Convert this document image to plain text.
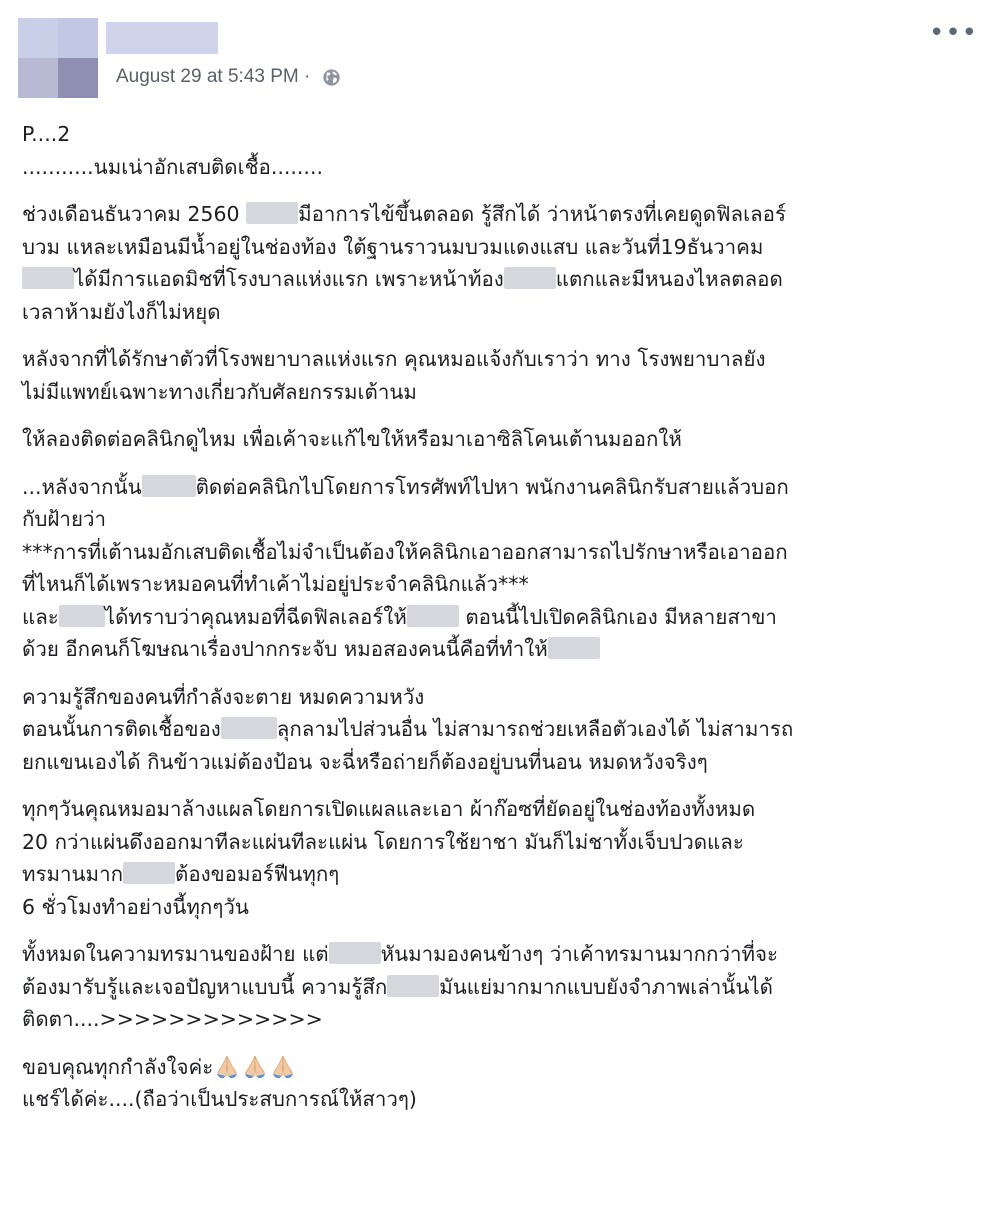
August 29 at 5:43 PM ·
•••
P....2
...........นมเน่าอักเสบติดเชื้อ........
ช่วงเดือนธันวาคม 2560	มีอาการไข้ขึ้นตลอด รู้สึกได้ ว่าหน้าตรงที่เคยดูดฟิลเลอร์
บวม แหละเหมือนมีน้ำอยู่ในช่องท้อง ใต้ฐานราวนมบวมแดงแสบ และวันที่19ธันวาคม
ได้มีการแอดมิชที่โรงบาลแห่งแรก เพราะหน้าท้อง	แตกและมีหนองไหลตลอด
เวลาห้ามยังไงก็ไม่หยุด
หลังจากที่ได้รักษาตัวที่โรงพยาบาลแห่งแรก คุณหมอแจ้งกับเราว่า ทาง โรงพยาบาลยัง
ไม่มีแพทย์เฉพาะทางเกี่ยวกับศัลยกรรมเต้านม
ให้ลองติดต่อคลินิกดูไหม เพื่อเค้าจะแก้ไขให้หรือมาเอาซิลิโคนเต้านมออกให้
...หลังจากนั้น	ติดต่อคลินิกไปโดยการโทรศัพท์ไปหา พนักงานคลินิกรับสายแล้วบอก
กับฝ้ายว่า
***การที่เต้านมอักเสบติดเชื้อไม่จำเป็นต้องให้คลินิกเอาออกสามารถไปรักษาหรือเอาออก
ที่ไหนก็ได้เพราะหมอคนที่ทำเค้าไม่อยู่ประจำคลินิกแล้ว***
และ ได้ทราบว่าคุณหมอที่ฉีดฟิลเลอร์ให้	ตอนนี้ไปเปิดคลินิกเอง มีหลายสาขา
ด้วย อีกคนก็โฆษณาเรื่องปากกระจับ หมอสองคนนี้คือที่ทำให้
ความรู้สึกของคนที่กำลังจะตาย หมดความหวัง
ตอนนั้นการติดเชื้อของ	ลุกลามไปส่วนอื่น ไม่สามารถช่วยเหลือตัวเองได้ ไม่สามารถ
ยกแขนเองได้ กินข้าวแม่ต้องป้อน จะฉี่หรือถ่ายก็ต้องอยู่บนที่นอน หมดหวังจริงๆ
ทุกๆวันคุณหมอมาล้างแผลโดยการเปิดแผลและเอา ผ้าก๊อซที่ยัดอยู่ในช่องท้องทั้งหมด
20 กว่าแผ่นดึงออกมาทีละแผ่นทีละแผ่น โดยการใช้ยาชา มันก็ไม่ชาทั้งเจ็บปวดและ
ทรมานมาก	ต้องขอมอร์ฟีนทุกๆ
6 ชั่วโมงทำอย่างนี้ทุกๆวัน
ทั้งหมดในความทรมานของฝ้าย แต่	หันมามองคนข้างๆ ว่าเค้าทรมานมากกว่าที่จะ
ต้องมารับรู้และเจอปัญหาแบบนี้ ความรู้สึก	มันแย่มากมากแบบยังจำภาพเล่านั้นได้
ติดตา....>>>>>>>>>>>>>
ขอบคุณทุกกำลังใจค่ะ
แชร์ได้ค่ะ....(ถือว่าเป็นประสบการณ์ให้สาวๆ)
